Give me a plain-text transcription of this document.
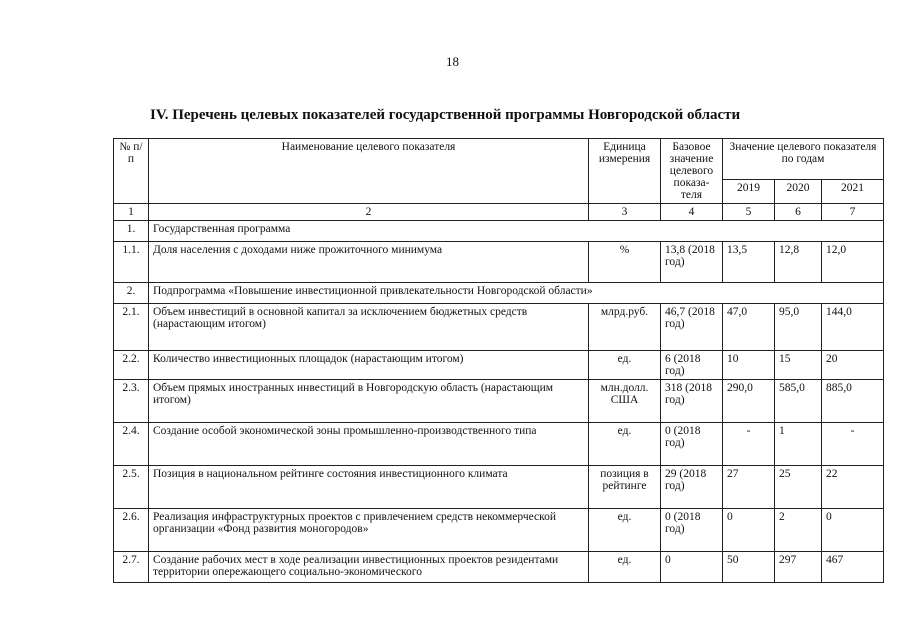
18
IV. Перечень целевых показателей государственной программы Новгородской области
№ п/п	Наименование целевого показателя	Единица измерения	Базовое значение целевого показа-теля	Значение целевого показателя по годам		
				2019	2020	2021
1	2	3	4	5	6	7
1.	Государственная программа					
1.1.	Доля населения с доходами ниже прожиточного минимума	%	13,8 (2018 год)	13,5	12,8	12,0
2.	Подпрограмма «Повышение инвестиционной привлекательности Новгородской области»					
2.1.	Объем инвестиций в основной капитал за исключением бюджетных средств (нарастающим итогом)	млрд.руб.	46,7 (2018 год)	47,0	95,0	144,0
2.2.	Количество инвестиционных площадок (нарастающим итогом)	ед.	6 (2018 год)	10	15	20
2.3.	Объем прямых иностранных инвестиций в Новгородскую область (нарастающим итогом)	млн.долл. США	318 (2018 год)	290,0	585,0	885,0
2.4.	Создание особой экономической зоны промышленно-производственного типа	ед.	0 (2018 год)	-	1	-
2.5.	Позиция в национальном рейтинге состояния инвестиционного климата	позиция в рейтинге	29 (2018 год)	27	25	22
2.6.	Реализация инфраструктурных проектов с привлечением средств некоммерческой организации «Фонд развития моногородов»	ед.	0 (2018 год)	0	2	0
2.7.	Создание рабочих мест в ходе реализации инвестиционных проектов резидентами территории опережающего социально-экономического	ед.	0	50	297	467
